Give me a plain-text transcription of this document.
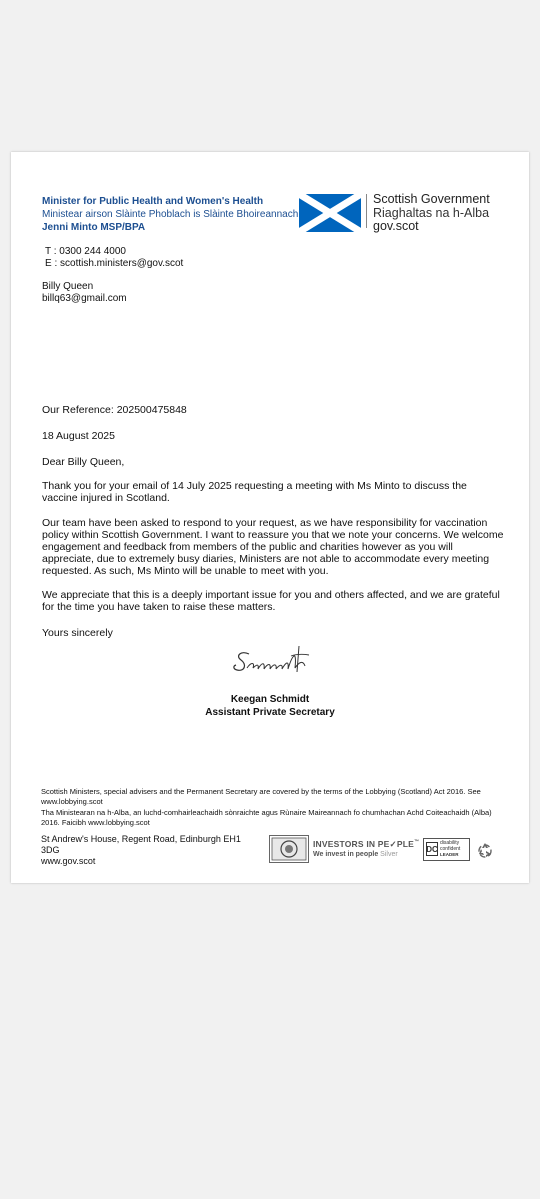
Minister for Public Health and Women's Health
Ministear airson Slàinte Phoblach is Slàinte Bhoireannach
Jenni Minto MSP/BPA
Scottish Government
Riaghaltas na h-Alba
gov.scot
T : 0300 244 4000
E : scottish.ministers@gov.scot
Billy Queen
billq63@gmail.com
Our Reference: 202500475848
18 August 2025
Dear Billy Queen,
Thank you for your email of 14 July 2025 requesting a meeting with Ms Minto to discuss the vaccine injured in Scotland.
Our team have been asked to respond to your request, as we have responsibility for vaccination policy within Scottish Government. I want to reassure you that we note your concerns. We welcome engagement and feedback from members of the public and charities however as you will appreciate, due to extremely busy diaries, Ministers are not able to accommodate every meeting requested. As such, Ms Minto will be unable to meet with you.
We appreciate that this is a deeply important issue for you and others affected, and we are grateful for the time you have taken to raise these matters.
Yours sincerely
Keegan Schmidt
Assistant Private Secretary
Scottish Ministers, special advisers and the Permanent Secretary are covered by the terms of the Lobbying (Scotland) Act 2016. See www.lobbying.scot
Tha Ministearan na h-Alba, an luchd-comhairleachaidh sònraichte agus Rùnaire Maireannach fo chumhachan Achd Coiteachaidh (Alba) 2016. Faicibh www.lobbying.scot
St Andrew's House, Regent Road, Edinburgh EH1
3DG
www.gov.scot
INVESTORS IN PE✓PLE™
We invest in people Silver
DC
disability
confident
LEADER
